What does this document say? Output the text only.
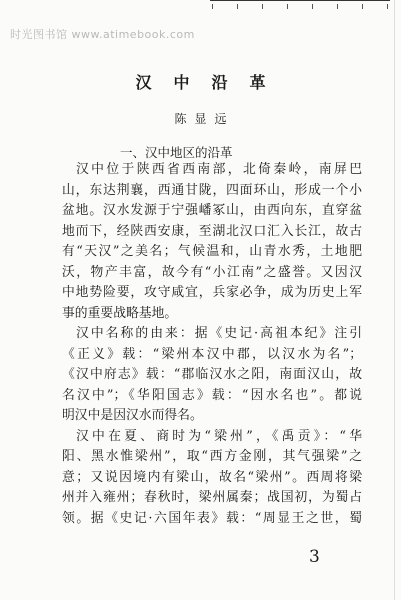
时光图书馆 www.atimebook.com
汉中沿革
陈显远
一、汉中地区的沿革
汉中位于陕西省西南部，北倚秦岭，南屏巴
山，东达荆襄，西通甘陇，四面环山，形成一个小
盆地。汉水发源于宁强嶓冢山，由西向东，直穿盆
地而下，经陕西安康，至湖北汉口汇入长江，故古
有“天汉”之美名；气候温和，山青水秀，土地肥
沃，物产丰富，故今有“小江南”之盛誉。又因汉
中地势险要，攻守咸宜，兵家必争，成为历史上军
事的重要战略基地。
汉中名称的由来：据《史记·高祖本纪》注引
《正义》载：“梁州本汉中郡，以汉水为名”；
《汉中府志》载：“郡临汉水之阳，南面汉山，故
名汉中”；《华阳国志》载：“因水名也”。都说
明汉中是因汉水而得名。
汉中在夏、商时为“梁州”，《禹贡》：“华
阳、黑水惟梁州”，取“西方金刚，其气强梁”之
意；又说因境内有梁山，故名“梁州”。西周将梁
州并入雍州；春秋时，梁州属秦；战国初，为蜀占
领。据《史记·六国年表》载：“周显王之世，蜀
3
